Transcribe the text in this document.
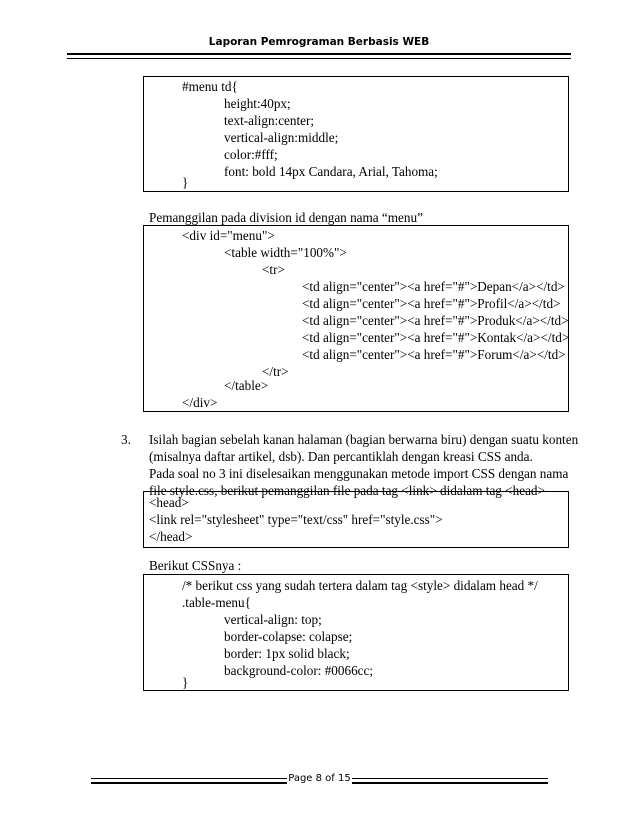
Laporan Pemrograman Berbasis WEB
#menu td{
height:40px;
text-align:center;
vertical-align:middle;
color:#fff;
font: bold 14px Candara, Arial, Tahoma;
}
Pemanggilan pada division id dengan nama “menu”
<div id="menu">
<table width="100%">
<tr>
<td align="center"><a href="#">Depan</a></td>
<td align="center"><a href="#">Profil</a></td>
<td align="center"><a href="#">Produk</a></td>
<td align="center"><a href="#">Kontak</a></td>
<td align="center"><a href="#">Forum</a></td>
</tr>
</table>
</div>
3. Isilah bagian sebelah kanan halaman (bagian berwarna biru) dengan suatu konten
(misalnya daftar artikel, dsb). Dan percantiklah dengan kreasi CSS anda.
Pada soal no 3 ini diselesaikan menggunakan metode import CSS dengan nama
file style.css, berikut pemanggilan file pada tag <link> didalam tag <head>
<head>
<link rel="stylesheet" type="text/css" href="style.css">
</head>
Berikut CSSnya :
/* berikut css yang sudah tertera dalam tag <style> didalam head */
.table-menu{
vertical-align: top;
border-colapse: colapse;
border: 1px solid black;
background-color: #0066cc;
}
Page 8 of 15
